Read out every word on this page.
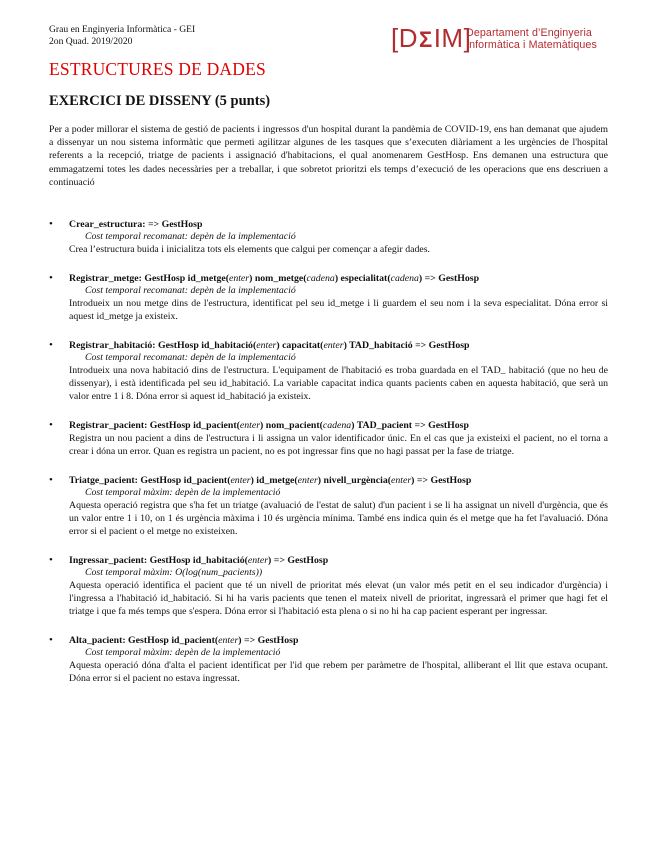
Grau en Enginyeria Informàtica - GEI
2on Quad. 2019/2020	[DΣIM]
Departament d’Enginyeria
Informàtica i Matemàtiques
ESTRUCTURES DE DADES
EXERCICI DE DISSENY (5 punts)

Per a poder millorar el sistema de gestió de pacients i ingressos d'un hospital durant la pandèmia de COVID-19, ens han demanat que ajudem a dissenyar un nou sistema informàtic que permeti agilitzar algunes de les tasques que s’executen diàriament a les urgències de l'hospital referents a la recepció, triatge de pacients i assignació d'habitacions, el qual anomenarem GestHosp. Ens demanen una estructura que emmagatzemi totes les dades necessàries per a treballar, i que sobretot prioritzi els temps d’execució de les operacions que ens descriuen a continuació

• Crear_estructura: => GestHosp
Cost temporal recomanat: depèn de la implementació

Crea l’estructura buida i inicialitza tots els elements que calgui per començar a afegir dades.

• Registrar_metge: GestHosp id_metge(enter) nom_metge(cadena) especialitat(cadena) => GestHosp
Cost temporal recomanat: depèn de la implementació

Introdueix un nou metge dins de l'estructura, identificat pel seu id_metge i li guardem el seu nom i la seva especialitat. Dóna error si aquest id_metge ja existeix.

• Registrar_habitació: GestHosp id_habitació(enter) capacitat(enter) TAD_habitació => GestHosp
Cost temporal recomanat: depèn de la implementació

Introdueix una nova habitació dins de l'estructura. L'equipament de l'habitació es troba guardada en el TAD_ habitació (que no heu de dissenyar), i està identificada pel seu id_habitació. La variable capacitat indica quants pacients caben en aquesta habitació, que serà un valor entre 1 i 8. Dóna error si aquest id_habitació ja existeix.

• Registrar_pacient: GestHosp id_pacient(enter) nom_pacient(cadena) TAD_pacient => GestHosp

Registra un nou pacient a dins de l'estructura i li assigna un valor identificador únic. En el cas que ja existeixi el pacient, no el torna a crear i dóna un error. Quan es registra un pacient, no es pot ingressar fins que no hagi passat per la fase de triatge.

• Triatge_pacient: GestHosp id_pacient(enter) id_metge(enter) nivell_urgència(enter) => GestHosp
Cost temporal màxim: depèn de la implementació

Aquesta operació registra que s'ha fet un triatge (avaluació de l'estat de salut) d'un pacient i se li ha assignat un nivell d'urgència, que és un valor entre 1 i 10, on 1 és urgència màxima i 10 és urgència mínima. També ens indica quin és el metge que ha fet l'avaluació. Dóna error si el pacient o el metge no existeixen.

• Ingressar_pacient: GestHosp id_habitació(enter) => GestHosp
Cost temporal màxim: O(log(num_pacients))

Aquesta operació identifica el pacient que té un nivell de prioritat més elevat (un valor més petit en el seu indicador d'urgència) i l'ingressa a l'habitació id_habitació. Si hi ha varis pacients que tenen el mateix nivell de prioritat, ingressarà el primer que hagi fet el triatge i que fa més temps que s'espera. Dóna error si l'habitació esta plena o si no hi ha cap pacient esperant per ingressar.

• Alta_pacient: GestHosp id_pacient(enter) => GestHosp
Cost temporal màxim: depèn de la implementació

Aquesta operació dóna d'alta el pacient identificat per l'id que rebem per paràmetre de l'hospital, alliberant el llit que estava ocupant. Dóna error si el pacient no estava ingressat.
